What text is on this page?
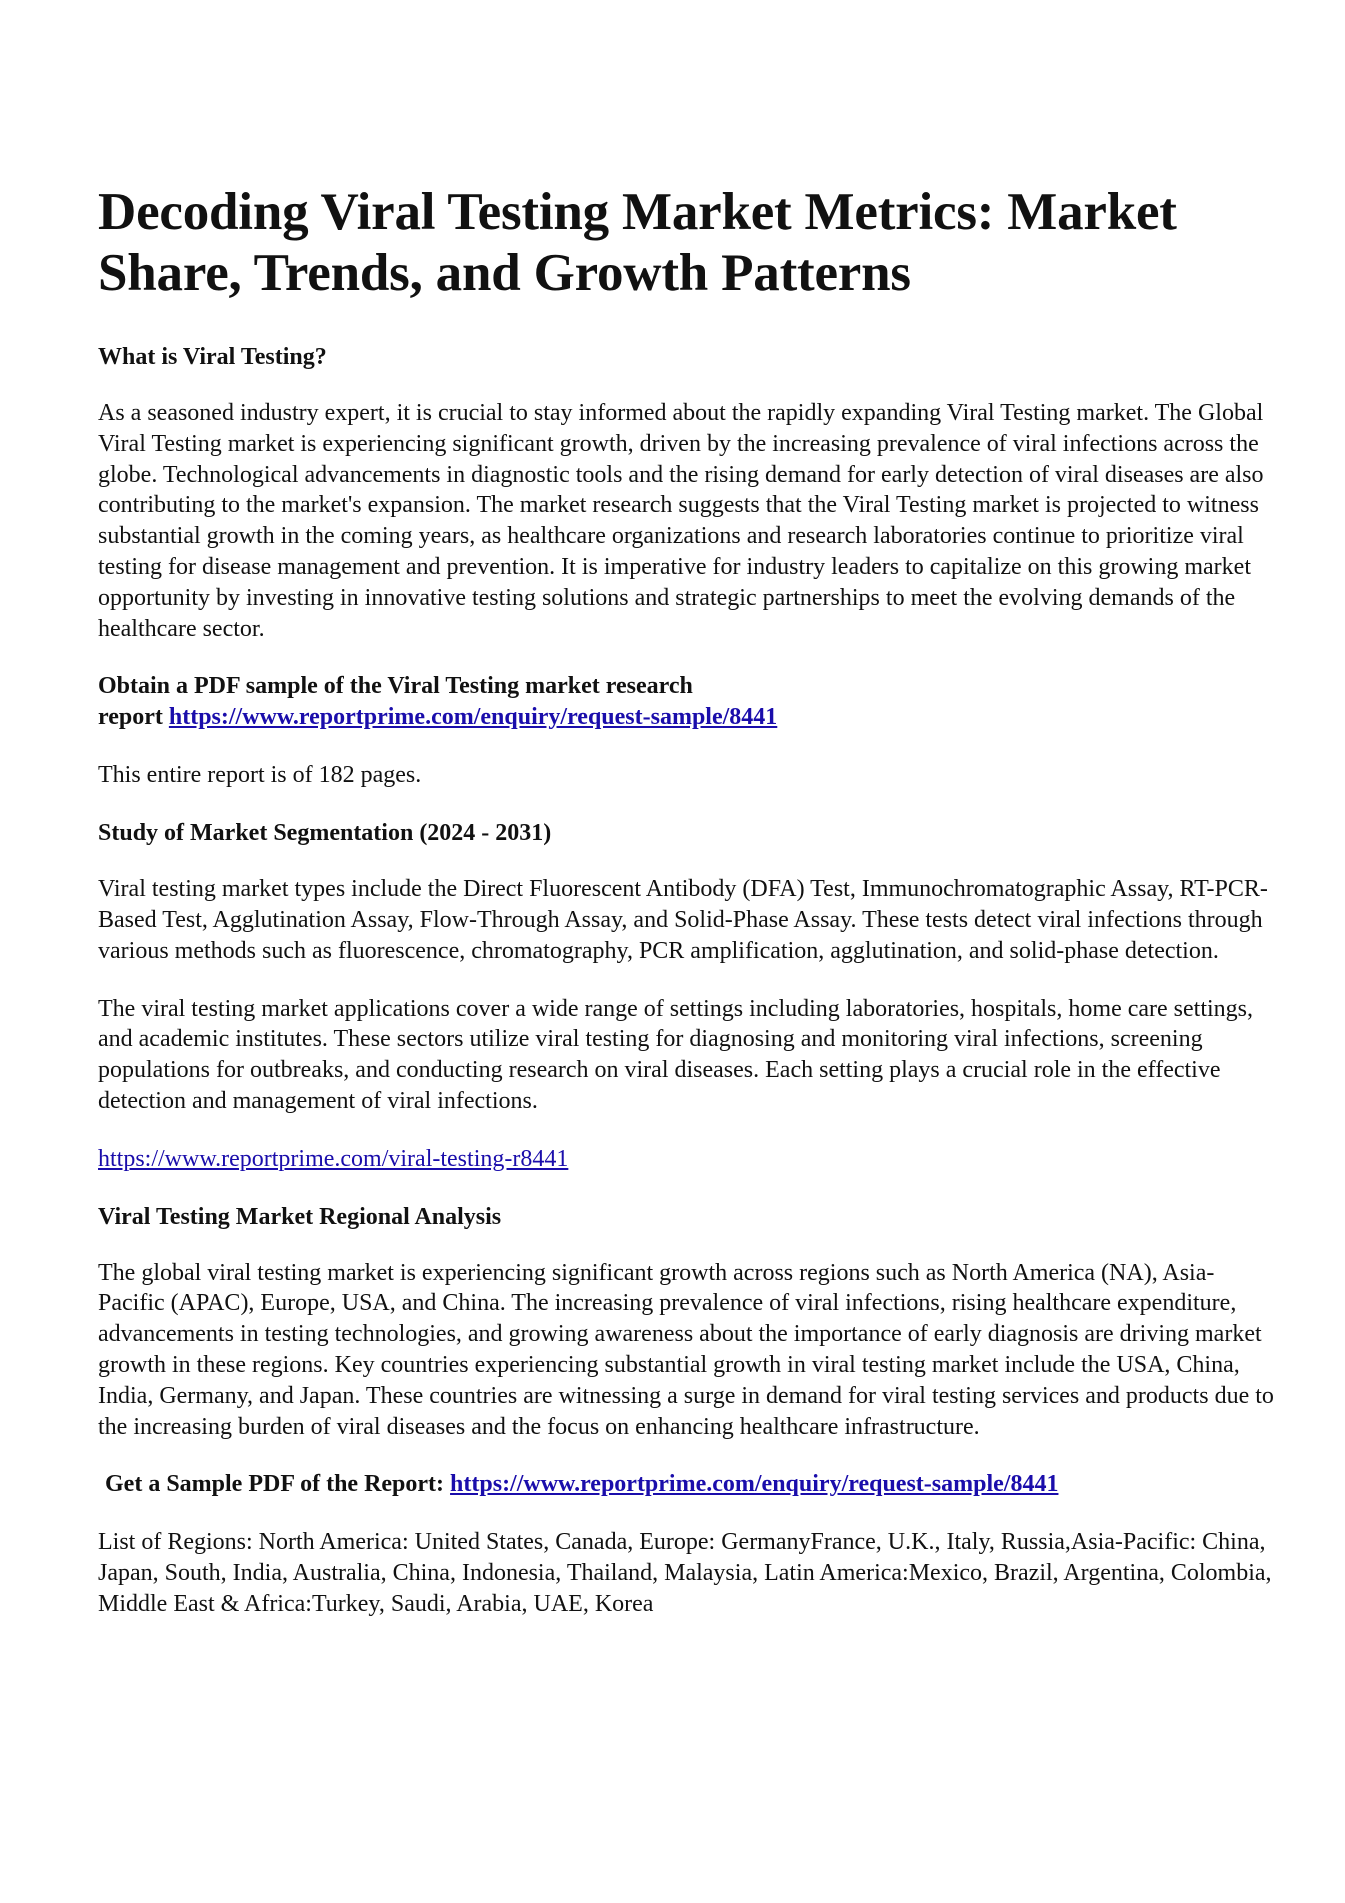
Decoding Viral Testing Market Metrics: Market Share, Trends, and Growth Patterns
What is Viral Testing?

As a seasoned industry expert, it is crucial to stay informed about the rapidly expanding Viral Testing market. The Global Viral Testing market is experiencing significant growth, driven by the increasing prevalence of viral infections across the globe. Technological advancements in diagnostic tools and the rising demand for early detection of viral diseases are also contributing to the market's expansion. The market research suggests that the Viral Testing market is projected to witness substantial growth in the coming years, as healthcare organizations and research laboratories continue to prioritize viral testing for disease management and prevention. It is imperative for industry leaders to capitalize on this growing market opportunity by investing in innovative testing solutions and strategic partnerships to meet the evolving demands of the healthcare sector.

Obtain a PDF sample of the Viral Testing market research
report https://www.reportprime.com/enquiry/request-sample/8441

This entire report is of 182 pages.

Study of Market Segmentation (2024 - 2031)

Viral testing market types include the Direct Fluorescent Antibody (DFA) Test, Immunochromatographic Assay, RT-PCR-Based Test, Agglutination Assay, Flow-Through Assay, and Solid-Phase Assay. These tests detect viral infections through various methods such as fluorescence, chromatography, PCR amplification, agglutination, and solid-phase detection.

The viral testing market applications cover a wide range of settings including laboratories, hospitals, home care settings, and academic institutes. These sectors utilize viral testing for diagnosing and monitoring viral infections, screening populations for outbreaks, and conducting research on viral diseases. Each setting plays a crucial role in the effective detection and management of viral infections.

https://www.reportprime.com/viral-testing-r8441

Viral Testing Market Regional Analysis

The global viral testing market is experiencing significant growth across regions such as North America (NA), Asia-Pacific (APAC), Europe, USA, and China. The increasing prevalence of viral infections, rising healthcare expenditure, advancements in testing technologies, and growing awareness about the importance of early diagnosis are driving market growth in these regions. Key countries experiencing substantial growth in viral testing market include the USA, China, India, Germany, and Japan. These countries are witnessing a surge in demand for viral testing services and products due to the increasing burden of viral diseases and the focus on enhancing healthcare infrastructure.

Get a Sample PDF of the Report: https://www.reportprime.com/enquiry/request-sample/8441

List of Regions: North America: United States, Canada, Europe: GermanyFrance, U.K., Italy, Russia,Asia-Pacific: China, Japan, South, India, Australia, China, Indonesia, Thailand, Malaysia, Latin America:Mexico, Brazil, Argentina, Colombia, Middle East & Africa:Turkey, Saudi, Arabia, UAE, Korea
